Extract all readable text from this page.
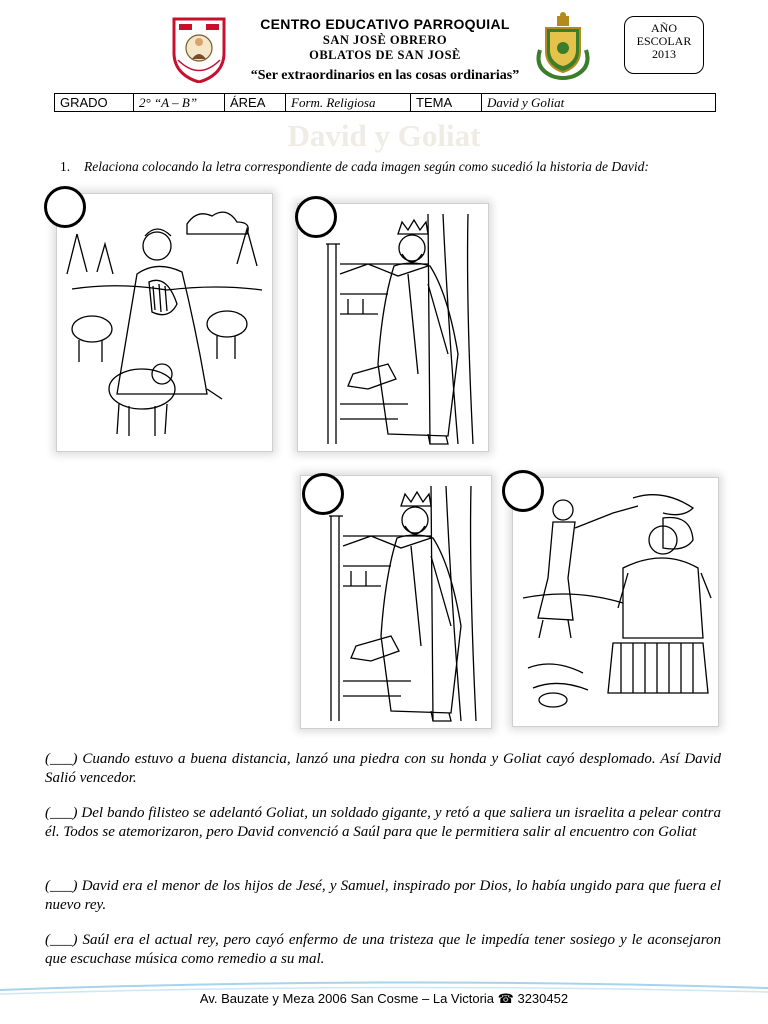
CENTRO EDUCATIVO PARROQUIAL
SAN JOSÈ OBRERO
OBLATOS DE SAN JOSÈ
“Ser extraordinarios en las cosas ordinarias”
AÑO
ESCOLAR
2013
GRADO	2° “A – B”	ÁREA	Form. Religiosa	TEMA	David y Goliat
David y Goliat
1. Relaciona colocando la letra correspondiente de cada imagen según como sucedió la historia de David:
(___) Cuando estuvo a buena distancia, lanzó una piedra con su honda y Goliat cayó desplomado. Así David Salió vencedor.
(___) Del bando filisteo se adelantó Goliat, un soldado gigante, y retó a que saliera un israelita a pelear contra él. Todos se atemorizaron, pero David convenció a Saúl para que le permitiera salir al encuentro con Goliat
(___) David era el menor de los hijos de Jesé, y Samuel, inspirado por Dios, lo había ungido para que fuera el nuevo rey.
(___) Saúl era el actual rey, pero cayó enfermo de una tristeza que le impedía tener sosiego y le aconsejaron que escuchase música como remedio a su mal.
Av. Bauzate y Meza 2006 San Cosme – La Victoria ☎ 3230452
